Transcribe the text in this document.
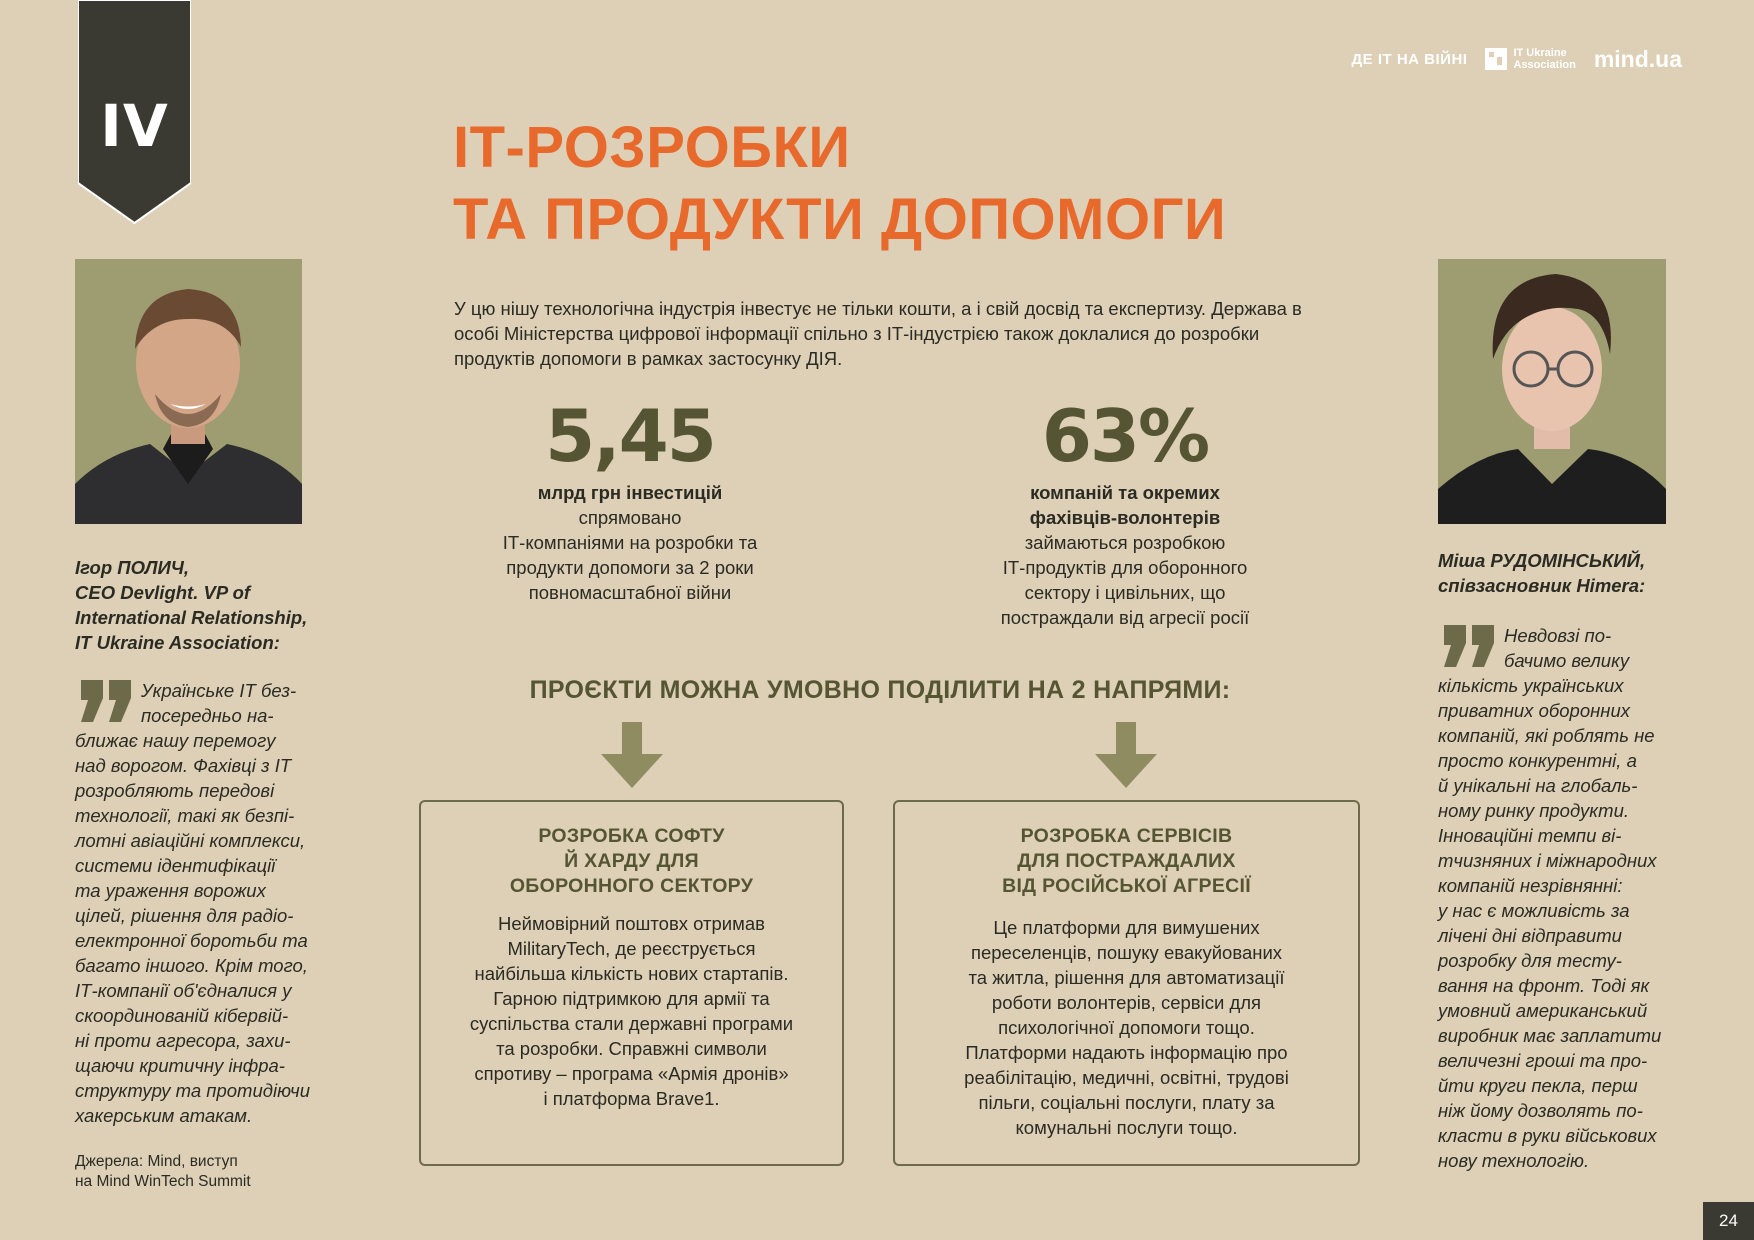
IV
ДЕ ІТ НА ВІЙНІ	IT Ukraine
Association mind.ua
ІТ-РОЗРОБКИ
ТА ПРОДУКТИ ДОПОМОГИ
У цю нішу технологічна індустрія інвестує не тільки кошти, а і свій досвід та експертизу. Держава в особі Міністерства цифрової інформації спільно з ІТ-індустрією також доклалися до розробки продуктів допомоги в рамках застосунку ДІЯ.
5,45
млрд грн інвестицій
спрямовано
ІТ-компаніями на розробки та
продукти допомоги за 2 роки
повномасштабної війни
63%
компаній та окремих
фахівців-волонтерів
займаються розробкою
ІТ-продуктів для оборонного
сектору і цивільних, що
постраждали від агресії росії
ПРОЄКТИ МОЖНА УМОВНО ПОДІЛИТИ НА 2 НАПРЯМИ:
РОЗРОБКА СОФТУ
Й ХАРДУ ДЛЯ
ОБОРОННОГО СЕКТОРУ
Неймовірний поштовх отримав
MilitaryTech, де реєструється
найбільша кількість нових стартапів.
Гарною підтримкою для армії та
суспільства стали державні програми
та розробки. Справжні символи
спротиву – програма «Армія дронів»
і платформа Brave1.
РОЗРОБКА СЕРВІСІВ
ДЛЯ ПОСТРАЖДАЛИХ
ВІД РОСІЙСЬКОЇ АГРЕСІЇ
Це платформи для вимушених
переселенців, пошуку евакуйованих
та житла, рішення для автоматизації
роботи волонтерів, сервіси для
психологічної допомоги тощо.
Платформи надають інформацію про
реабілітацію, медичні, освітні, трудові
пільги, соціальні послуги, плату за
комунальні послуги тощо.
Ігор ПОЛИЧ,
CEO Devlight. VP of
International Relationship,
IT Ukraine Association:
Українське ІТ без-
посередньо на-
ближає нашу перемогу
над ворогом. Фахівці з ІТ
розробляють передові
технології, такі як безпі-
лотні авіаційні комплекси,
системи ідентифікації
та ураження ворожих
цілей, рішення для радіо-
електронної боротьби та
багато іншого. Крім того,
ІТ-компанії об'єдналися у
скоординованій кібервій-
ні проти агресора, захи-
щаючи критичну інфра-
структуру та протидіючи
хакерським атакам.
Джерела: Mind, виступ
на Mind WinTech Summit
Міша РУДОМІНСЬКИЙ,
співзасновник Himera:
Невдовзі по-
бачимо велику
кількість українських
приватних оборонних
компаній, які роблять не
просто конкурентні, а
й унікальні на глобаль-
ному ринку продукти.
Інноваційні темпи ві-
тчизняних і міжнародних
компаній незрівнянні:
у нас є можливість за
лічені дні відправити
розробку для тесту-
вання на фронт. Тоді як
умовний американський
виробник має заплатити
величезні гроші та про-
йти круги пекла, перш
ніж йому дозволять по-
класти в руки військових
нову технологію.
24
